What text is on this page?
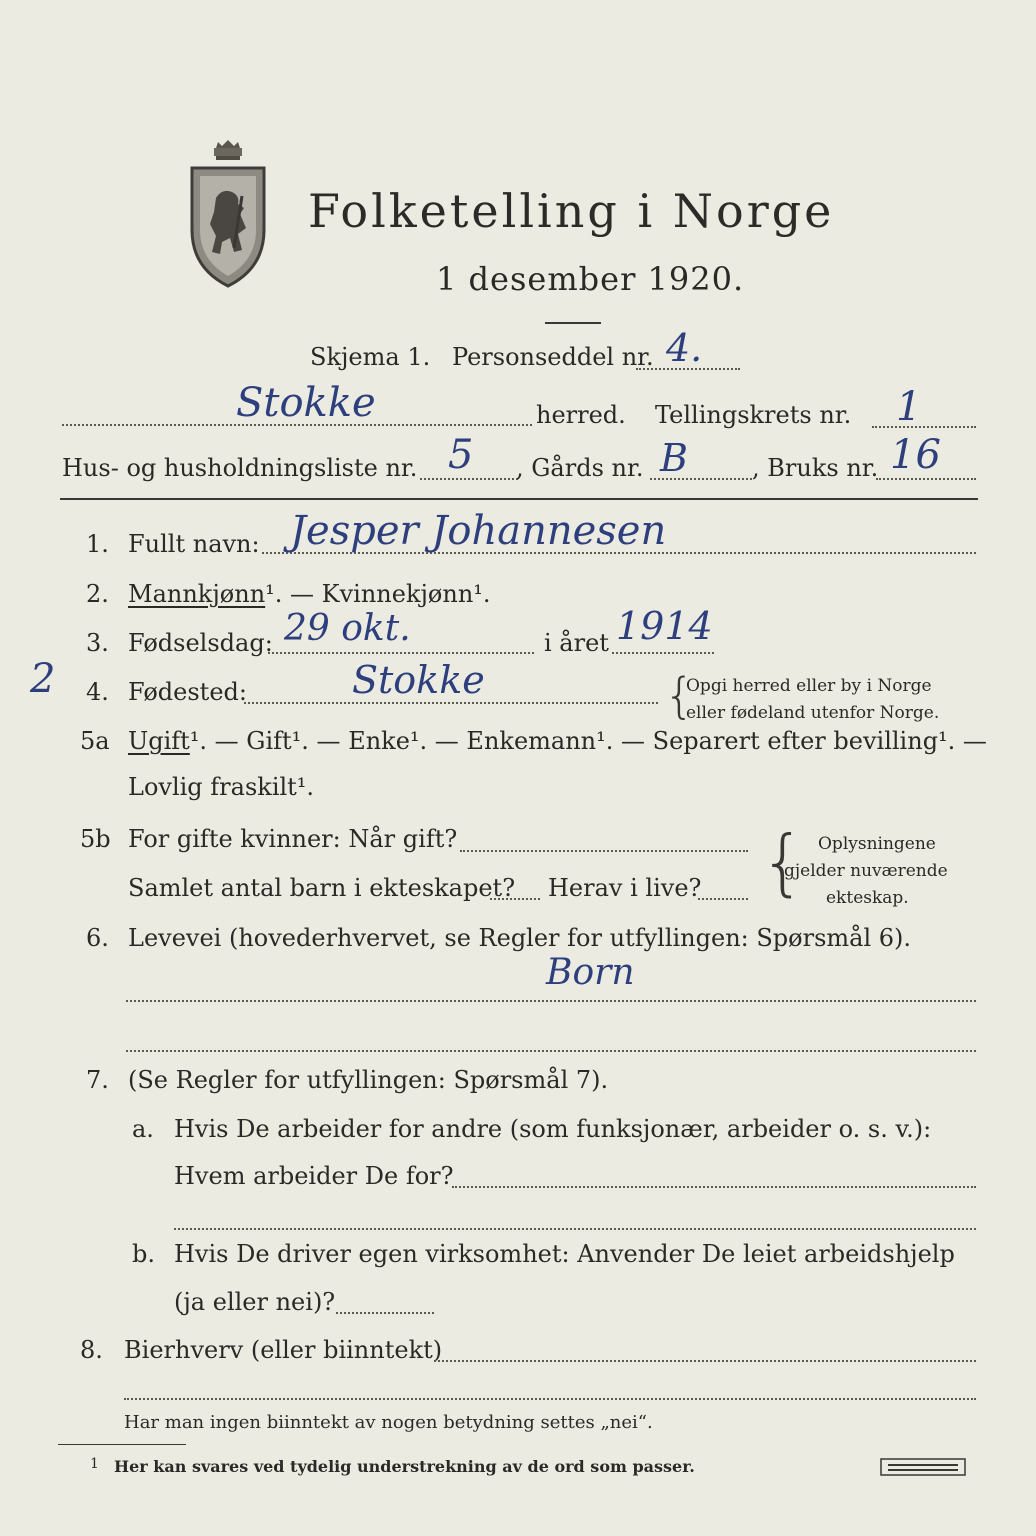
Folketelling i Norge
1 desember 1920.
Skjema 1. Personseddel nr. 4.
Stokke	herred. Tellingskrets nr. 1
Hus- og husholdningsliste nr. 5 , Gårds nr. B	, Bruks nr. 16
1. Fullt navn: Jesper Johannesen
2. Mannkjønn¹. — Kvinnekjønn¹.
3. Fødselsdag: 29 okt.	i året 1914
2 4. Fødested:	Stokke	{
Opgi herred eller by i Norge
eller fødeland utenfor Norge.
5a Ugift¹. — Gift¹. — Enke¹. — Enkemann¹. — Separert efter bevilling¹. —
Lovlig fraskilt¹.
5b For gifte kvinner: Når gift?
Samlet antal barn i ekteskapet? Herav i live? { Oplysningene
gjelder nuværende
ekteskap.
6. Levevei (hovederhvervet, se Regler for utfyllingen: Spørsmål 6).
Born
7. (Se Regler for utfyllingen: Spørsmål 7).
a. Hvis De arbeider for andre (som funksjonær, arbeider o. s. v.):
Hvem arbeider De for?
b. Hvis De driver egen virksomhet: Anvender De leiet arbeidshjelp
(ja eller nei)?
8. Bierhverv (eller biinntekt)
Har man ingen biinntekt av nogen betydning settes „nei“.
1 Her kan svares ved tydelig understrekning av de ord som passer.
